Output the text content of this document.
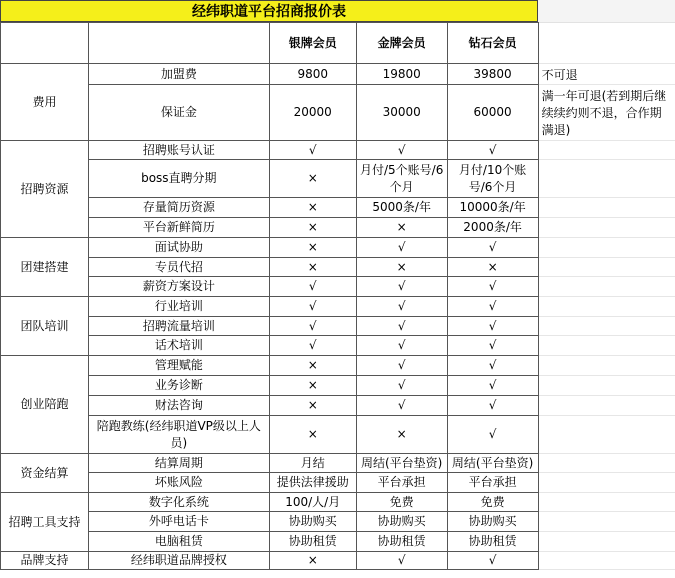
经纬职道平台招商报价表
		银牌会员	金牌会员	钻石会员	
费用	加盟费	9800	19800	39800	不可退
	保证金	20000	30000	60000	满一年可退(若到期后继续续约则不退，合作期满退)
招聘资源	招聘账号认证	√	√	√	
	boss直聘分期	×	月付/5个账号/6个月	月付/10个账号/6个月	
	存量简历资源	×	5000条/年	10000条/年	
	平台新鲜简历	×	×	2000条/年	
团建搭建	面试协助	×	√	√	
	专员代招	×	×	×	
	薪资方案设计	√	√	√	
团队培训	行业培训	√	√	√	
	招聘流量培训	√	√	√	
	话术培训	√	√	√	
创业陪跑	管理赋能	×	√	√	
	业务诊断	×	√	√	
	财法咨询	×	√	√	
	陪跑教练(经纬职道VP级以上人员)	×	×	√	
资金结算	结算周期	月结	周结(平台垫资)	周结(平台垫资)	
	坏账风险	提供法律援助	平台承担	平台承担	
招聘工具支持	数字化系统	100/人/月	免费	免费	
	外呼电话卡	协助购买	协助购买	协助购买	
	电脑租赁	协助租赁	协助租赁	协助租赁	
品牌支持	经纬职道品牌授权	×	√	√	
